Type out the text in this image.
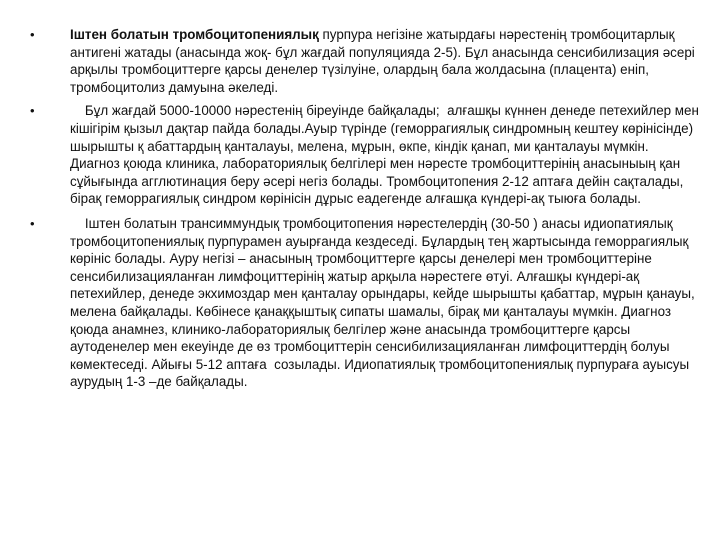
•	Іштен болатын тромбоцитопениялық пурпура негізіне жатырдағы нәрестенің тромбоцитарлық антигені жатады (анасында жоқ- бұл жағдай популяцияда 2-5). Бұл анасында сенсибилизация әсері арқылы тромбоциттерге қарсы денелер түзілуіне, олардың бала жолдасына (плацента) еніп, тромбоцитолиз дамуына әкеледі.
•	Бұл жағдай 5000-10000 нәрестенің біреуінде байқалады;  алғашқы күннен денеде петехийлер мен кішігірім қызыл дақтар пайда болады.Ауыр түрінде (геморрагиялық синдромның кештеу көрінісінде) шырышты қ абаттардың қанталауы, мелена, мұрын, өкпе, кіндік қанап, ми қанталауы мүмкін. Диагноз қоюда клиника, лабораториялық белгілері мен нәресте тромбоциттерінің анасыныың қан сұйығында агглютинация беру әсері негіз болады. Тромбоцитопения 2-12 аптаға дейін сақталады, бірақ геморрагиялық синдром көрінісін дұрыс еадегенде алғашқа күндері-ақ тыюға болады.
•	Іштен болатын трансиммундық тромбоцитопения нәрестелердің (30-50 ) анасы идиопатиялық тромбоцитопениялық пурпурамен ауырғанда кездеседі. Бұлардың тең жартысында геморрагиялық көрініс болады. Ауру негізі – анасының тромбоциттерге қарсы денелері мен тромбоциттеріне сенсибилизацияланған лимфоциттерінің жатыр арқыла нәрестеге өтуі. Алғашқы күндері-ақ петехийлер, денеде экхимоздар мен қанталау орындары, кейде шырышты қабаттар, мұрын қанауы, мелена байқалады. Көбінесе қанаққыштық сипаты шамалы, бірақ ми қанталауы мүмкін. Диагноз қоюда анамнез, клинико-лабораториялық белгілер және анасында тромбоциттерге қарсы аутоденелер мен екеуінде де өз тромбоциттерін сенсибилизацияланған лимфоциттердің болуы көмектеседі. Айығы 5-12 аптаға  созылады. Идиопатиялық тромбоцитопениялық пурпураға ауысуы аурудың 1-3 –де байқалады.
